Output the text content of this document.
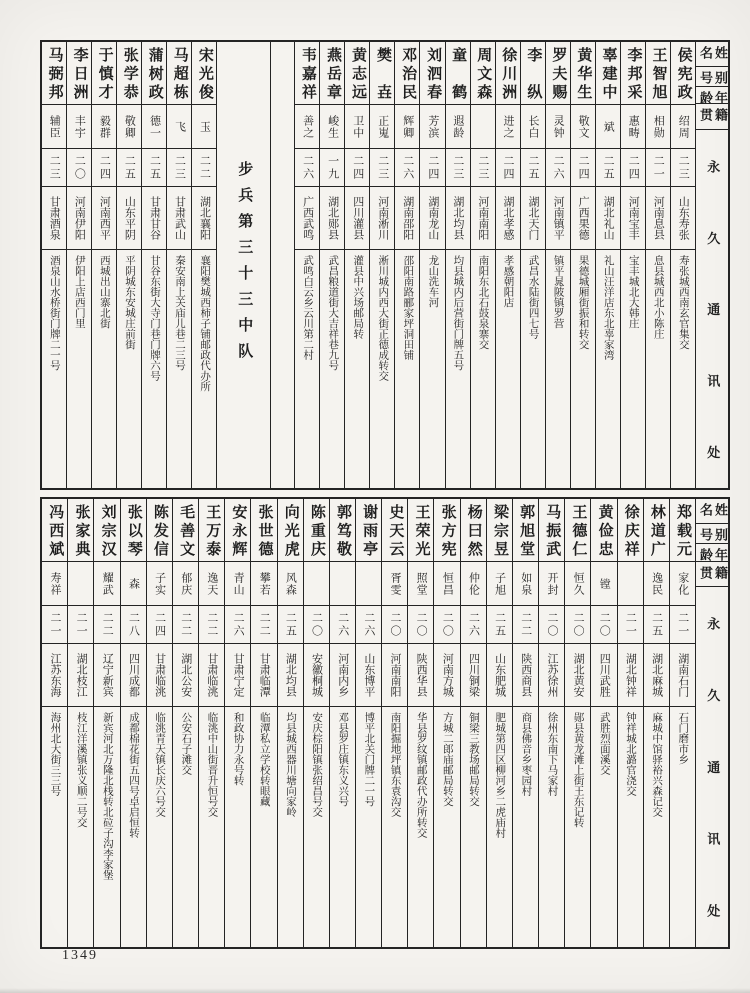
姓名
别号
年龄
籍贯
永久通讯处
侯宪政
绍周
二三
山东寿张
寿张城西南玄官集交
王智旭
相勋
二一
河南息县
息县城西北小陈庄
李邦采
惠畴
二四
河南宝丰
宝丰城北大韩庄
辜建中
斌
二五
湖北礼山
礼山汪洋店东北辜家湾
黄华生
敬文
二四
广西果德
果德城厢街振和转交
罗夫赐
灵钟
二六
河南镇平
镇平晁陂镇罗营
李纵
长白
二五
湖北天门
武昌水陆街四七号
徐川洲
进之
二四
湖北孝感
孝感朝阳店
周文森
二三
河南南阳
南阳东北石鼓泉寨交
童鹤
遐龄
二三
湖北均县
均县城内后营街门牌五号
刘泗春
芳滨
二四
湖南龙山
龙山洗车河
邓治民
辉卿
二六
湖南邵阳
邵阳南路郦家坪洞田铺
樊壵
正嵬
二三
河南淅川
淅川城内西大街正德成转交
黄志远
卫中
二四
四川灌县
灌县中兴场邮局转
燕岳章
峻生
一九
湖北郧县
武昌粮道街大吉祥巷九号
韦嘉祥
善之
二六
广西武鸣
武鸣白云乡云川第二村
步兵第三十三中队
宋光俊
玉
二二
湖北襄阳
襄阳樊城西柿子铺邮政代办所
马超栋
飞
二三
甘肃武山
秦安南上关庙儿巷二三号
蒲树政
德一
二五
甘肃甘谷
甘谷东街大寺门巷门牌六号
张学恭
敬卿
二五
山东平阴
平阴城东安城庄前街
于慎才
毅群
二四
河南西平
西城出山寨北街
李日洲
丰宇
二〇
河南伊阳
伊阳上店西门里
马弼邦
辅臣
二三
甘肃酒泉
酒泉山水桥街门牌二一号
姓名
别号
年龄
籍贯
永久通讯处
郑载元
家化
二一
湖南石门
石门磨市乡
林道广
逸民
二五
湖北麻城
麻城中馆驿裕兴森记交
徐庆祥
二一
湖北钟祥
钟祥城北潞官浇交
黄俭忠
镗
二〇
四川武胜
武胜烈面溪交
王德仁
恒久
二〇
湖北黄安
郧县黄龙滩上街王东记转
马振武
开封
二〇
江苏徐州
徐州东南下马家村
郭旭堂
如泉
二二
陕西商县
商县佛音乡枣园村
梁宗昱
子旭
二五
山东肥城
肥城第四区柳河乡二虎庙村
杨曰然
仲伦
二六
四川铜梁
铜梁三教场邮局转交
张方宪
恒昌
二〇
河南方城
方城二郎庙邮局转交
王荣光
照堂
二〇
陕西华县
华县罗纹镇邮政代办所转交
史天云
胥雯
二〇
河南南阳
南阳掘地坪镇东袁沟交
谢雨亭
二六
山东博平
博平北关门牌二一号
郭笃敬
二六
河南内乡
邓县罗庄镇东义兴号
陈重庆
二〇
安徽桐城
安庆棕阳镇张绍昌号交
向光虎
风森
二五
湖北均县
均县城西器川塘向家岭
张世德
攀若
二二
甘肃临潭
临潭私立学校转眼藏
安永辉
青山
二六
甘肃宁定
和政协力永号转
王万泰
逸天
二二
甘肃临洮
临洮中山街晋升恒号交
毛善文
郁庆
二二
湖北公安
公安石子滩交
陈发信
子实
二四
甘肃临洮
临洮青天镇长庆六号交
张以琴
森
二八
四川成都
成都棉花街五四号卓启恒转
刘宗汉
耀武
二二
辽宁新宾
新宾河北万隆北栈转北砬子沟李家堡
张家典
二一
湖北枝江
枝江洋溪镇张义顺二号交
冯西斌
寿祥
二一
江苏东海
海州北大街三三号
1349
